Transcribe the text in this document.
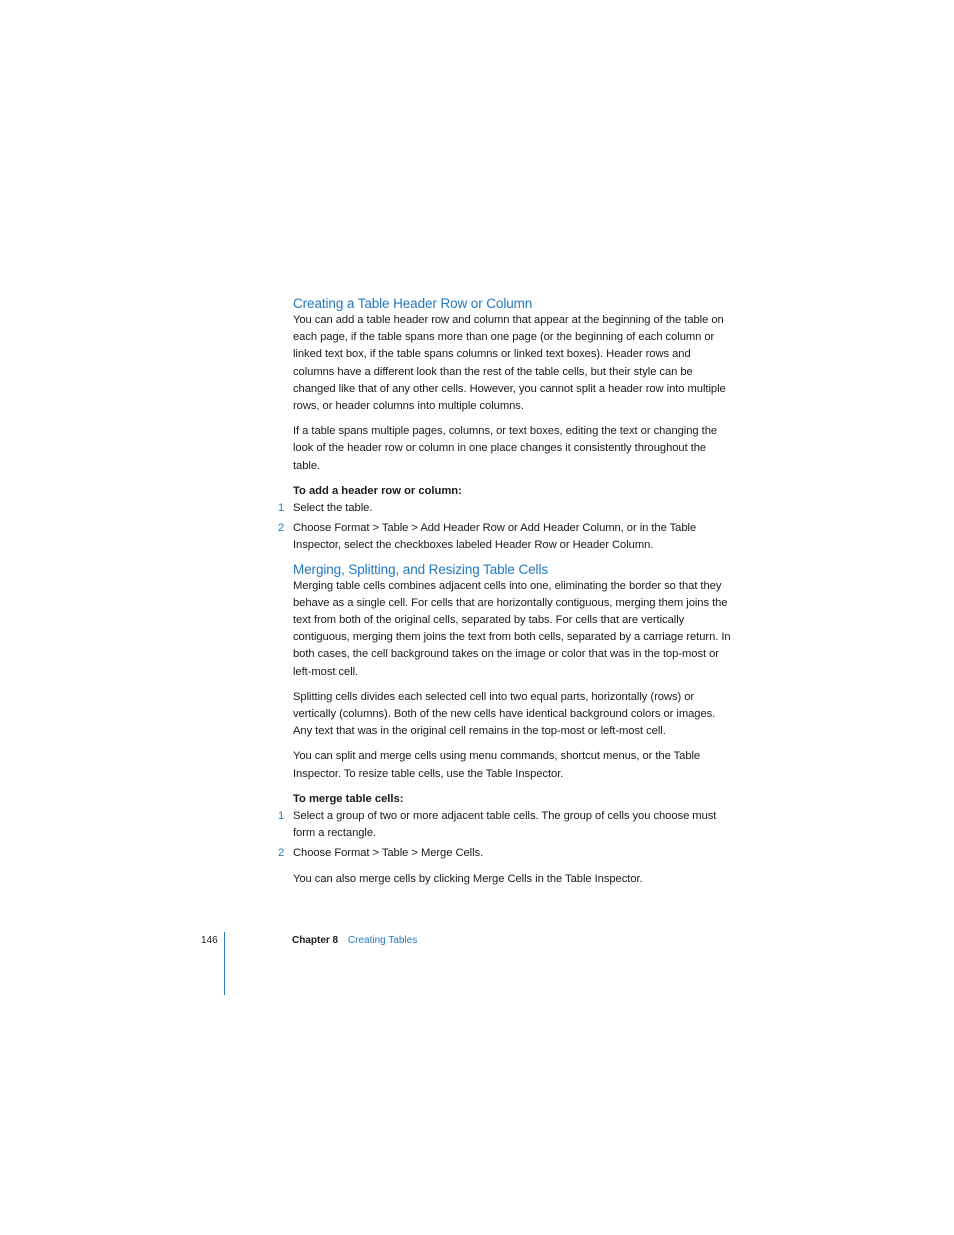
Creating a Table Header Row or Column

You can add a table header row and column that appear at the beginning of the table on each page, if the table spans more than one page (or the beginning of each column or linked text box, if the table spans columns or linked text boxes). Header rows and columns have a different look than the rest of the table cells, but their style can be changed like that of any other cells. However, you cannot split a header row into multiple rows, or header columns into multiple columns.

If a table spans multiple pages, columns, or text boxes, editing the text or changing the look of the header row or column in one place changes it consistently throughout the table.

To add a header row or column:
1 Select the table.
2 Choose Format > Table > Add Header Row or Add Header Column, or in the Table Inspector, select the checkboxes labeled Header Row or Header Column.
Merging, Splitting, and Resizing Table Cells

Merging table cells combines adjacent cells into one, eliminating the border so that they behave as a single cell. For cells that are horizontally contiguous, merging them joins the text from both of the original cells, separated by tabs. For cells that are vertically contiguous, merging them joins the text from both cells, separated by a carriage return. In both cases, the cell background takes on the image or color that was in the top-most or left-most cell.

Splitting cells divides each selected cell into two equal parts, horizontally (rows) or vertically (columns). Both of the new cells have identical background colors or images. Any text that was in the original cell remains in the top-most or left-most cell.

You can split and merge cells using menu commands, shortcut menus, or the Table Inspector. To resize table cells, use the Table Inspector.

To merge table cells:
1 Select a group of two or more adjacent table cells. The group of cells you choose must form a rectangle.
2 Choose Format > Table > Merge Cells.

You can also merge cells by clicking Merge Cells in the Table Inspector.

146	Chapter 8 Creating Tables
